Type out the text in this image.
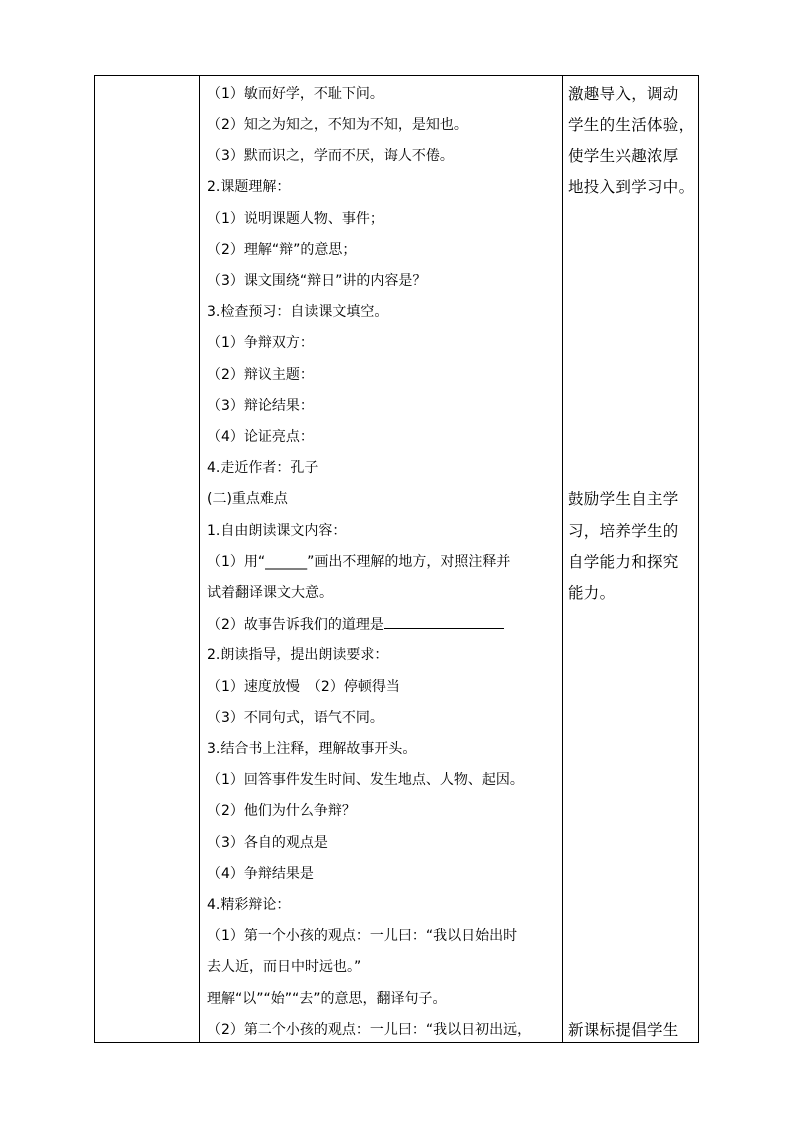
（1）敏而好学，不耻下问。
（2）知之为知之，不知为不知，是知也。
（3）默而识之，学而不厌，诲人不倦。
2.课题理解：
（1）说明课题人物、事件；
（2）理解“辩”的意思；
（3）课文围绕“辩日”讲的内容是？
3.检查预习：自读课文填空。
（1）争辩双方：
（2）辩议主题：
（3）辩论结果：
（4）论证亮点：
4.走近作者：孔子
(二)重点难点
1.自由朗读课文内容：
（1）用“______”画出不理解的地方，对照注释并
试着翻译课文大意。
（2）故事告诉我们的道理是
2.朗读指导，提出朗读要求：
（1）速度放慢　（2）停顿得当
（3）不同句式，语气不同。
3.结合书上注释，理解故事开头。
（1）回答事件发生时间、发生地点、人物、起因。
（2）他们为什么争辩？
（3）各自的观点是
（4）争辩结果是
4.精彩辩论：
（1）第一个小孩的观点：一儿曰：“我以日始出时
去人近，而日中时远也。”
理解“以”“始”“去”的意思，翻译句子。
（2）第二个小孩的观点：一儿曰：“我以日初出远，
激趣导入，调动
学生的生活体验，
使学生兴趣浓厚
地投入到学习中。
鼓励学生自主学
习，培养学生的
自学能力和探究
能力。
新课标提倡学生
